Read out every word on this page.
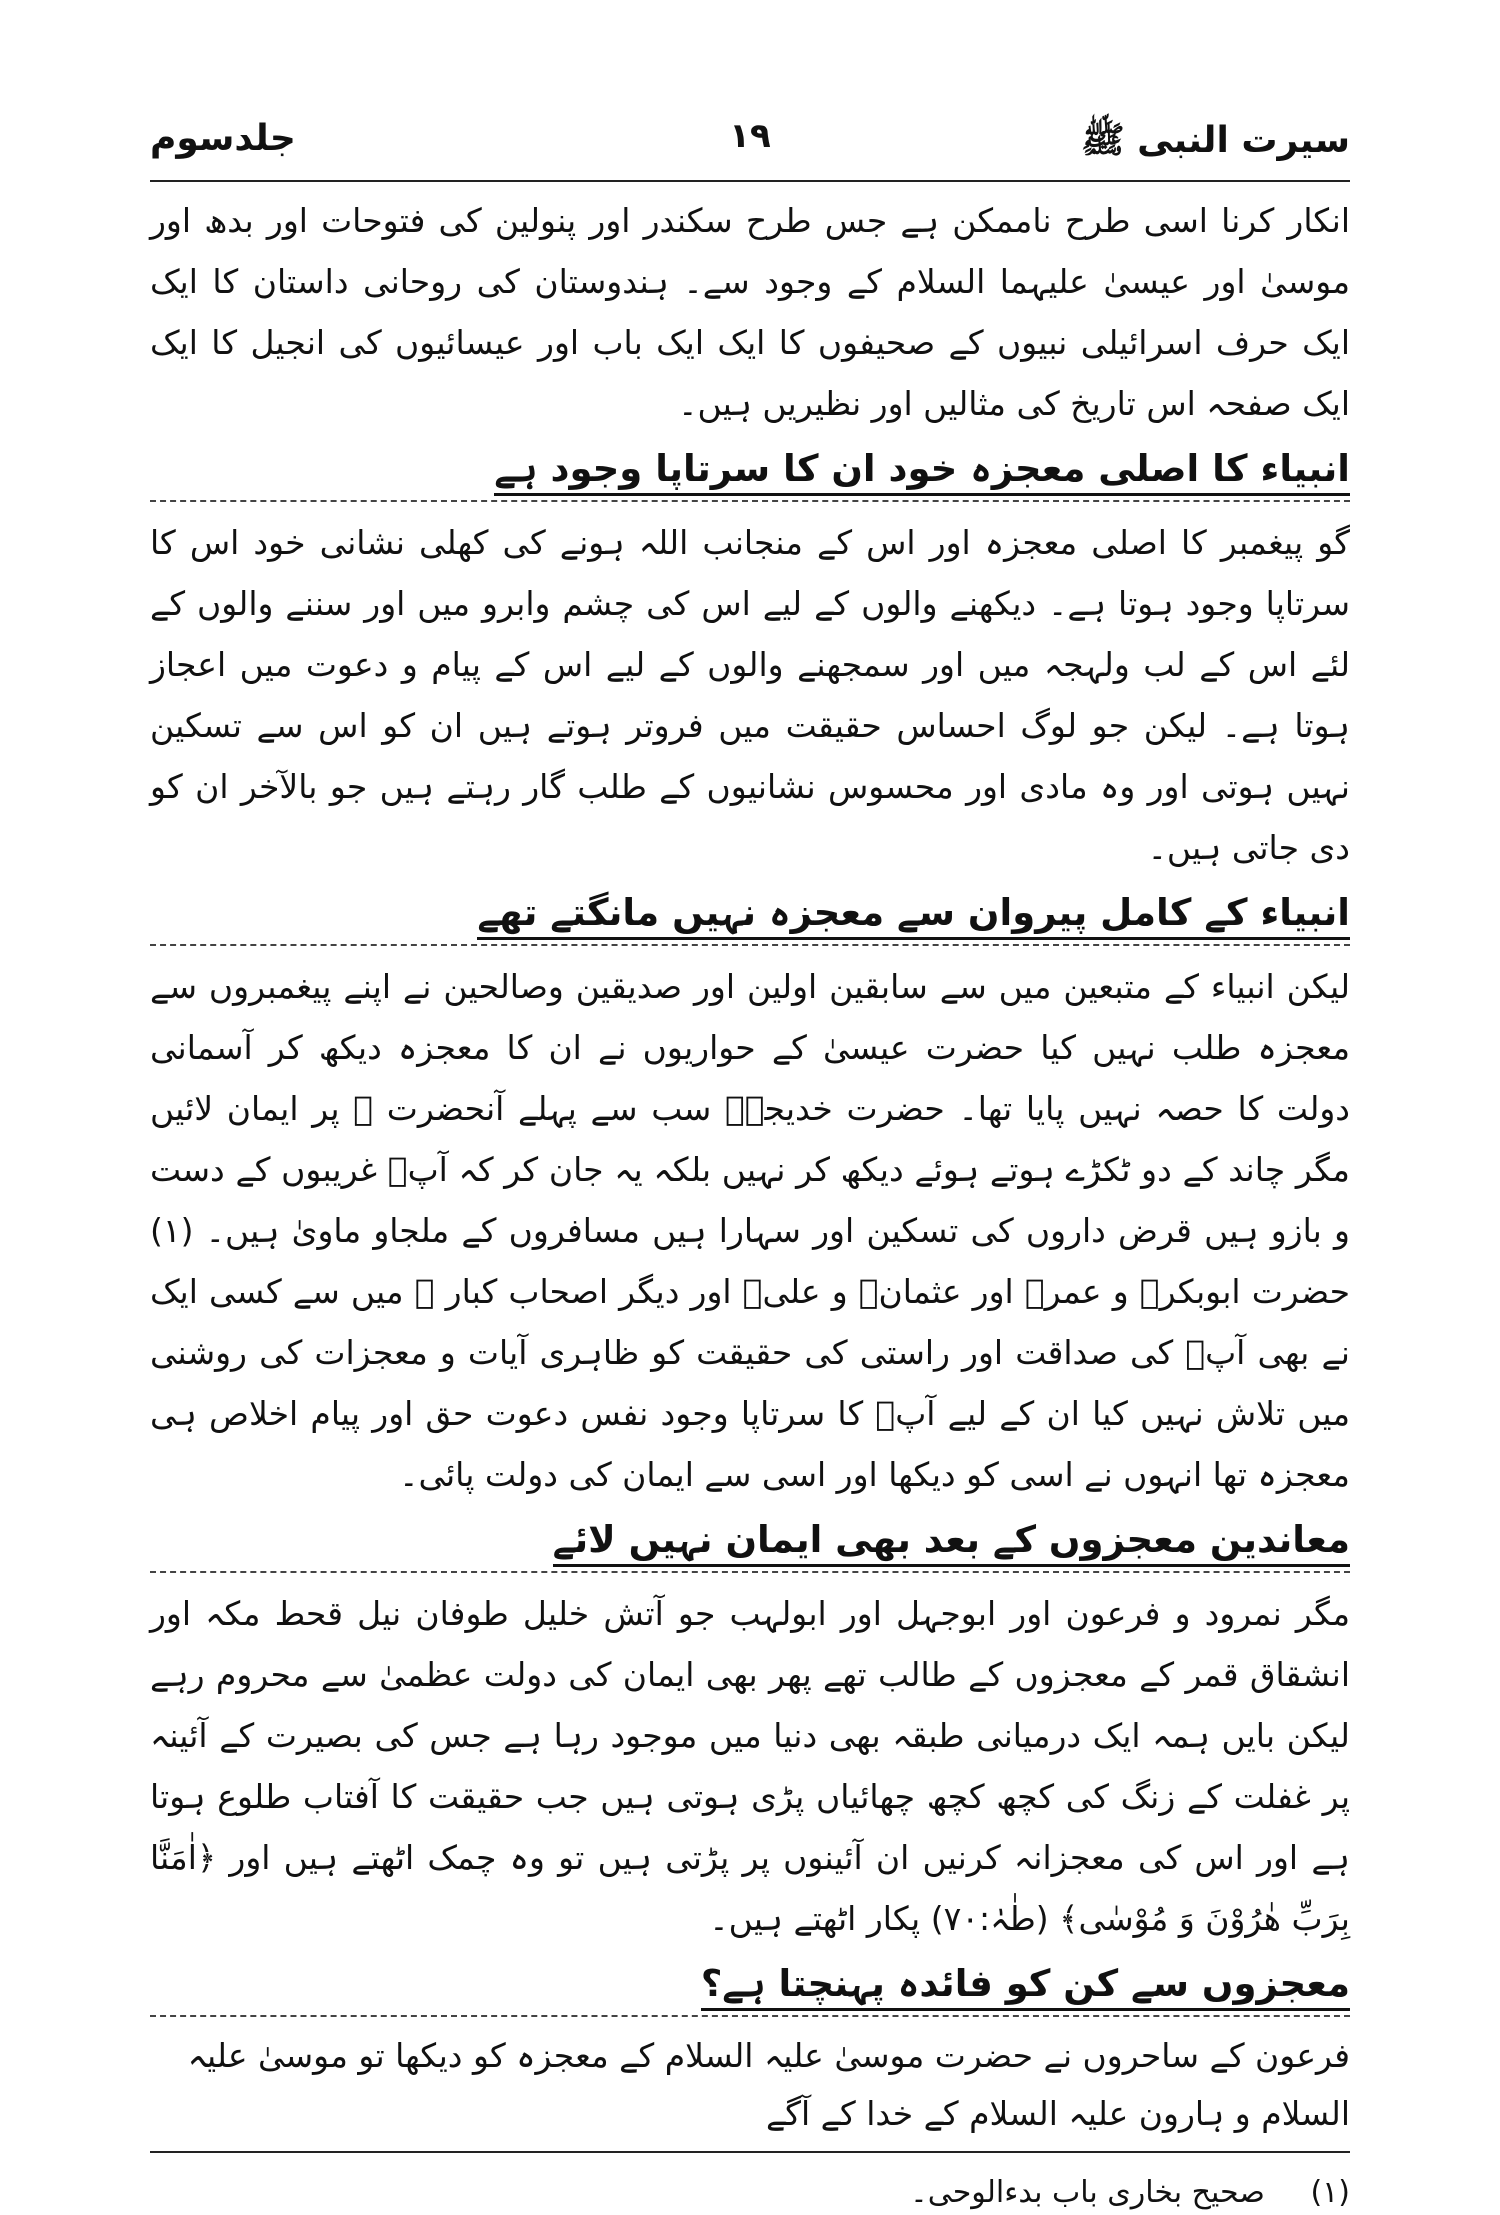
سیرت النبی ﷺ
۱۹
جلدسوم

انکار کرنا اسی طرح ناممکن ہے جس طرح سکندر اور پنولین کی فتوحات اور بدھ اور موسیٰ اور عیسیٰ علیہما السلام کے وجود سے۔ ہندوستان کی روحانی داستان کا ایک ایک حرف اسرائیلی نبیوں کے صحیفوں کا ایک ایک باب اور عیسائیوں کی انجیل کا ایک ایک صفحہ اس تاریخ کی مثالیں اور نظیریں ہیں۔

انبیاء کا اصلی معجزہ خود ان کا سرتاپا وجود ہے

گو پیغمبر کا اصلی معجزہ اور اس کے منجانب اللہ ہونے کی کھلی نشانی خود اس کا سرتاپا وجود ہوتا ہے۔ دیکھنے والوں کے لیے اس کی چشم وابرو میں اور سننے والوں کے لئے اس کے لب ولہجہ میں اور سمجھنے والوں کے لیے اس کے پیام و دعوت میں اعجاز ہوتا ہے۔ لیکن جو لوگ احساس حقیقت میں فروتر ہوتے ہیں ان کو اس سے تسکین نہیں ہوتی اور وہ مادی اور محسوس نشانیوں کے طلب گار رہتے ہیں جو بالآخر ان کو دی جاتی ہیں۔

انبیاء کے کامل پیروان سے معجزہ نہیں مانگتے تھے

لیکن انبیاء کے متبعین میں سے سابقین اولین اور صدیقین وصالحین نے اپنے پیغمبروں سے معجزہ طلب نہیں کیا حضرت عیسیٰ کے حواریوں نے ان کا معجزہ دیکھ کر آسمانی دولت کا حصہ نہیں پایا تھا۔ حضرت خدیجہؓ سب سے پہلے آنحضرت ﷺ پر ایمان لائیں مگر چاند کے دو ٹکڑے ہوتے ہوئے دیکھ کر نہیں بلکہ یہ جان کر کہ آپؐ غریبوں کے دست و بازو ہیں قرض داروں کی تسکین اور سہارا ہیں مسافروں کے ملجاو ماویٰ ہیں۔ (۱) حضرت ابوبکرؓ و عمرؓ اور عثمانؓ و علیؓ اور دیگر اصحاب کبار ﷺ میں سے کسی ایک نے بھی آپؐ کی صداقت اور راستی کی حقیقت کو ظاہری آیات و معجزات کی روشنی میں تلاش نہیں کیا ان کے لیے آپؐ کا سرتاپا وجود نفس دعوت حق اور پیام اخلاص ہی معجزہ تھا انہوں نے اسی کو دیکھا اور اسی سے ایمان کی دولت پائی۔

معاندین معجزوں کے بعد بھی ایمان نہیں لائے

مگر نمرود و فرعون اور ابوجہل اور ابولہب جو آتش خلیل طوفان نیل قحط مکہ اور انشقاق قمر کے معجزوں کے طالب تھے پھر بھی ایمان کی دولت عظمیٰ سے محروم رہے لیکن بایں ہمہ ایک درمیانی طبقہ بھی دنیا میں موجود رہا ہے جس کی بصیرت کے آئینہ پر غفلت کے زنگ کی کچھ کچھ چھائیاں پڑی ہوتی ہیں جب حقیقت کا آفتاب طلوع ہوتا ہے اور اس کی معجزانہ کرنیں ان آئینوں پر پڑتی ہیں تو وہ چمک اٹھتے ہیں اور ﴿اٰمَنَّا بِرَبِّ هٰرُوْنَ وَ مُوْسٰى﴾ (طٰہٰ:۷۰) پکار اٹھتے ہیں۔

معجزوں سے کن کو فائدہ پہنچتا ہے؟
فرعون کے ساحروں نے حضرت موسیٰ علیہ السلام کے معجزہ کو دیکھا تو موسیٰ علیہ السلام و ہارون علیہ السلام کے خدا کے آگے
(۱) صحیح بخاری باب بدءالوحی۔
